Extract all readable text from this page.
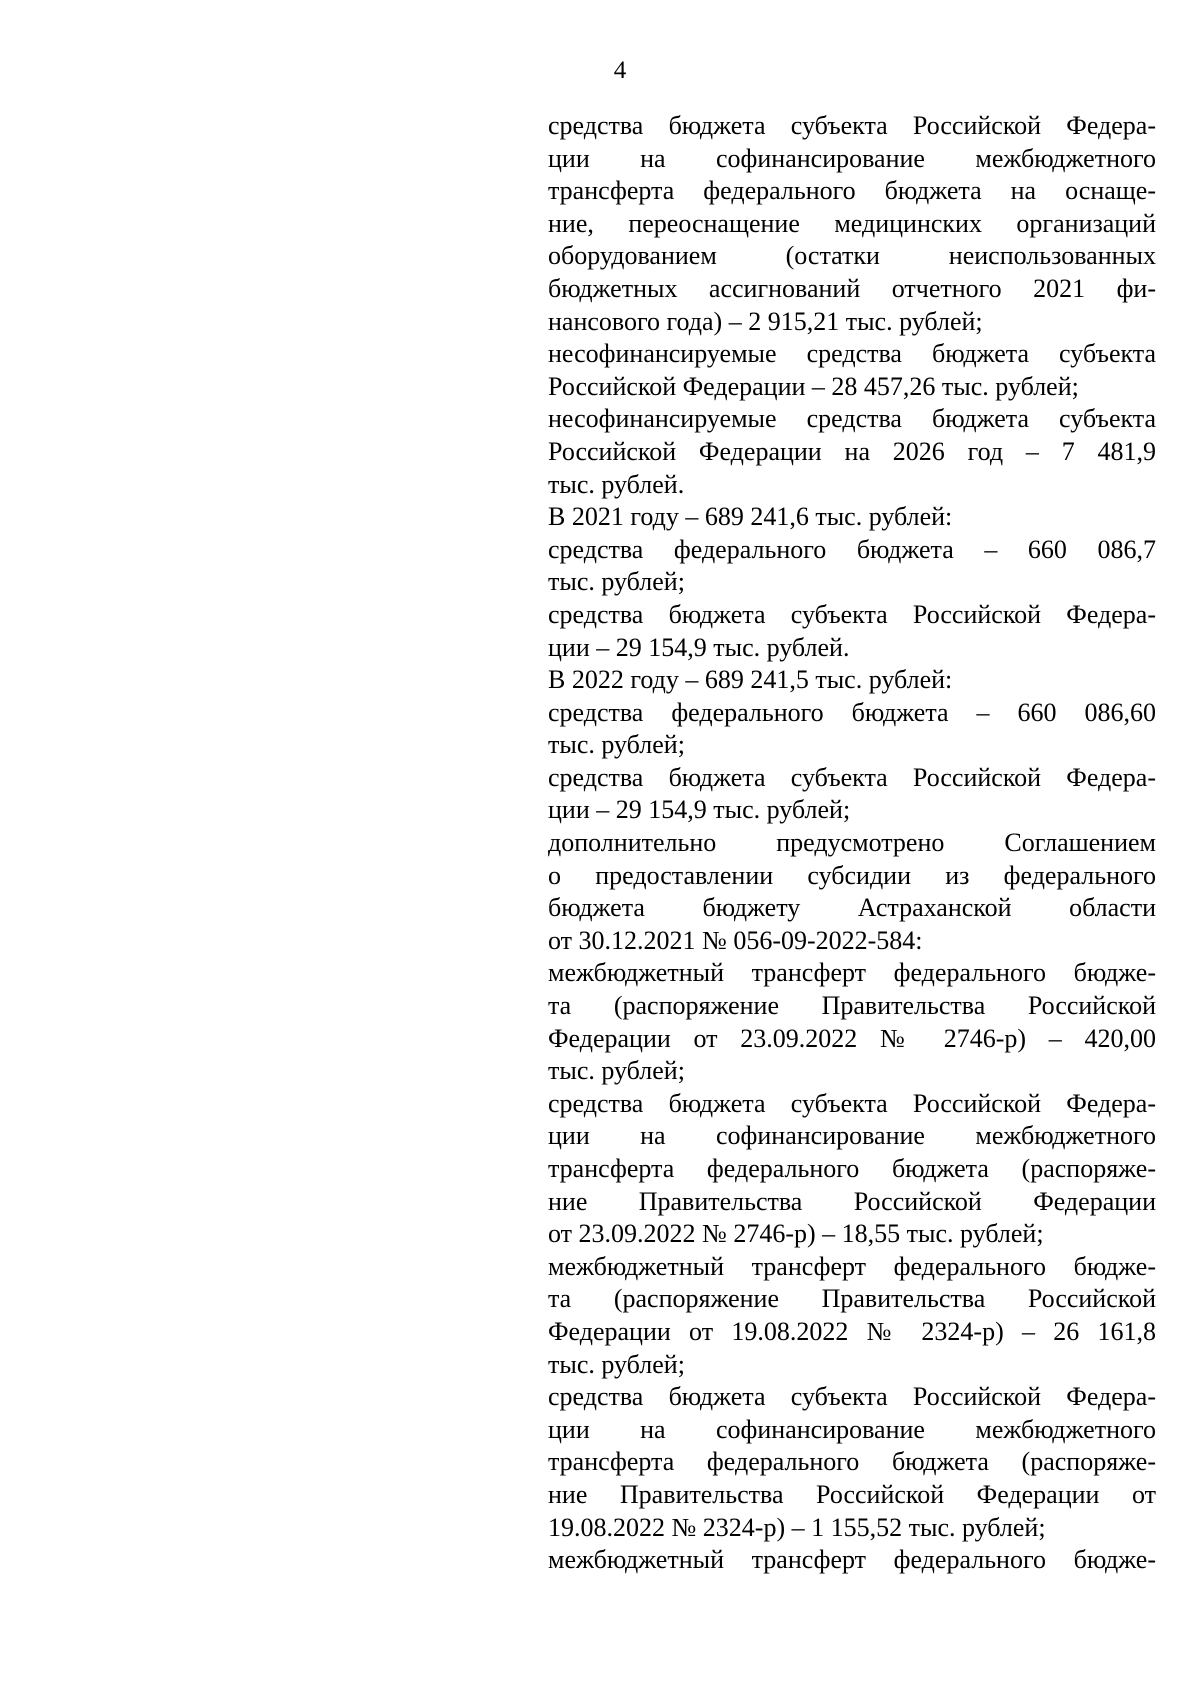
4
средства бюджета субъекта Российской Федера-
ции на софинансирование межбюджетного
трансферта федерального бюджета на оснаще-
ние, переоснащение медицинских организаций
оборудованием (остатки неиспользованных
бюджетных ассигнований отчетного 2021 фи-
нансового года) – 2 915,21 тыс. рублей;
несофинансируемые средства бюджета субъекта
Российской Федерации – 28 457,26 тыс. рублей;
несофинансируемые средства бюджета субъекта
Российской Федерации на 2026 год – 7 481,9
тыс. рублей.
В 2021 году – 689 241,6 тыс. рублей:
средства федерального бюджета – 660 086,7
тыс. рублей;
средства бюджета субъекта Российской Федера-
ции – 29 154,9 тыс. рублей.
В 2022 году – 689 241,5 тыс. рублей:
средства федерального бюджета – 660 086,60
тыс. рублей;
средства бюджета субъекта Российской Федера-
ции – 29 154,9 тыс. рублей;
дополнительно предусмотрено Соглашением
о предоставлении субсидии из федерального
бюджета бюджету Астраханской области
от 30.12.2021 № 056-09-2022-584:
межбюджетный трансферт федерального бюдже-
та (распоряжение Правительства Российской
Федерации от 23.09.2022 № 2746-р) – 420,00
тыс. рублей;
средства бюджета субъекта Российской Федера-
ции на софинансирование межбюджетного
трансферта федерального бюджета (распоряже-
ние Правительства Российской Федерации
от 23.09.2022 № 2746-р) – 18,55 тыс. рублей;
межбюджетный трансферт федерального бюдже-
та (распоряжение Правительства Российской
Федерации от 19.08.2022 № 2324-р) – 26 161,8
тыс. рублей;
средства бюджета субъекта Российской Федера-
ции на софинансирование межбюджетного
трансферта федерального бюджета (распоряже-
ние Правительства Российской Федерации от
19.08.2022 № 2324-р) – 1 155,52 тыс. рублей;
межбюджетный трансферт федерального бюдже-
